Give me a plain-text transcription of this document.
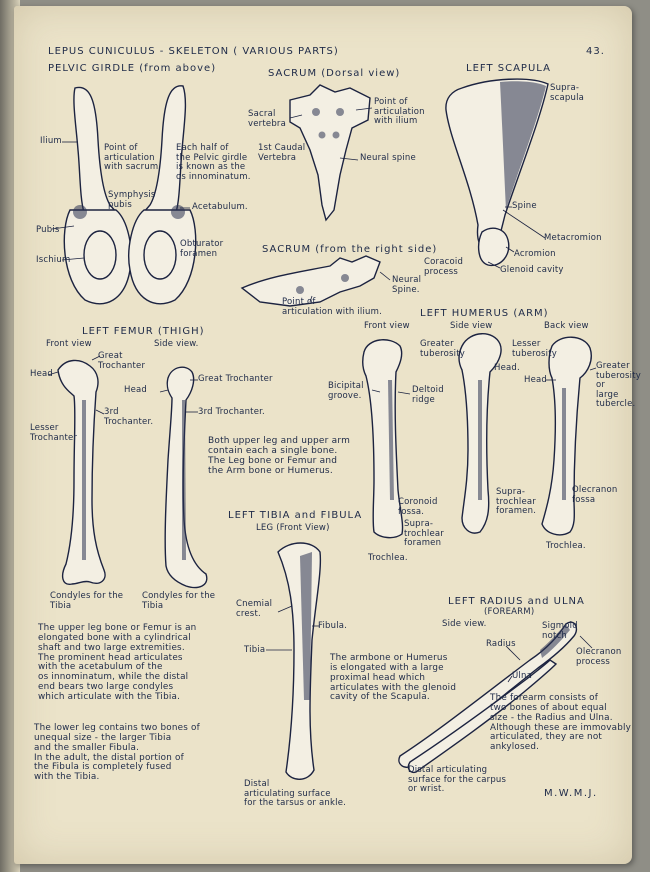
LEPUS CUNICULUS - SKELETON ( VARIOUS PARTS)	43.
PELVIC GIRDLE (from above)
Ilium
Point of
articulation
with sacrum
Each half of
the Pelvic girdle
is known as the
os innominatum.
Symphysis
pubis	Acetabulum.
Pubis
Obturator
foramen
Ischium
SACRUM (Dorsal view)
Sacral
vertebra
Point of
articulation
with ilium
1st Caudal
Vertebra	Neural spine
LEFT SCAPULA
Supra-
scapula
Spine
Metacromion
Acromion
Coracoid
process	Glenoid cavity
SACRUM (from the right side)
Neural
Spine.
Point of
articulation with ilium.
LEFT FEMUR (THIGH)
Front view	Side view.
Great
Trochanter
Head	Great Trochanter
Head
3rd Trochanter.
3rd
Trochanter.
Lesser
Trochanter
Condyles for the
Tibia
Condyles for the
Tibia
The upper leg bone or Femur is an
elongated bone with a cylindrical
shaft and two large extremities.
The prominent head articulates
with the acetabulum of the
os innominatum, while the distal
end bears two large condyles
which articulate with the Tibia.
The lower leg contains two bones of
unequal size - the larger Tibia
and the smaller Fibula.
In the adult, the distal portion of
the Fibula is completely fused
with the Tibia.
Both upper leg and upper arm
contain each a single bone.
The Leg bone or Femur and
the Arm bone or Humerus.
LEFT HUMERUS (ARM)
Front view	Side view	Back view
Greater
tuberosity
Head.
Lesser
tuberosity
Greater
tuberosity
or
large
tubercle.
Head
Bicipital
groove.
Deltoid
ridge
Coronoid
fossa.
Supra-
trochlear
foramen.
Olecranon
fossa
Supra-
trochlear
foramen	Trochlea.
Trochlea.
LEFT TIBIA and FIBULA
LEG (Front View)
Cnemial
crest.
Fibula.
Tibia
Distal
articulating surface
for the tarsus or ankle.
The armbone or Humerus
is elongated with a large
proximal head which
articulates with the glenoid
cavity of the Scapula.
LEFT RADIUS and ULNA
(FOREARM)
Side view.	Sigmoid
notch
Radius
Olecranon
process
Ulna
The forearm consists of
two bones of about equal
size - the Radius and Ulna.
Although these are immovably
articulated, they are not
ankylosed.
Distal articulating
surface for the carpus
or wrist.	M.W.M.J.
